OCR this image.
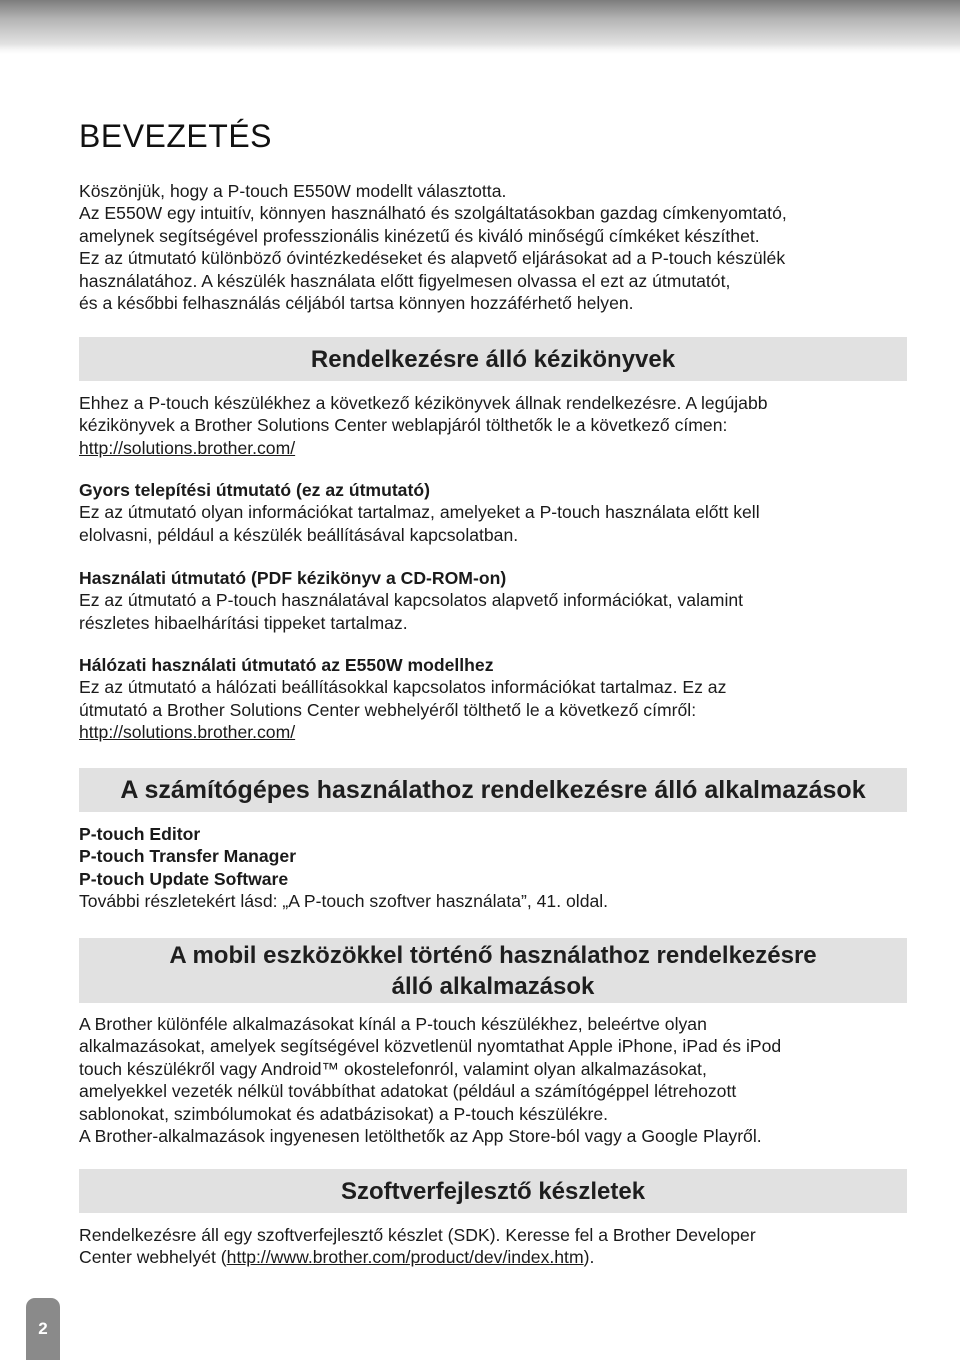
BEVEZETÉS
Köszönjük, hogy a P-touch E550W modellt választotta.
Az E550W egy intuitív, könnyen használható és szolgáltatásokban gazdag címkenyomtató,
amelynek segítségével professzionális kinézetű és kiváló minőségű címkéket készíthet.
Ez az útmutató különböző óvintézkedéseket és alapvető eljárásokat ad a P-touch készülék
használatához. A készülék használata előtt figyelmesen olvassa el ezt az útmutatót,
és a későbbi felhasználás céljából tartsa könnyen hozzáférhető helyen.
Rendelkezésre álló kézikönyvek
Ehhez a P-touch készülékhez a következő kézikönyvek állnak rendelkezésre. A legújabb
kézikönyvek a Brother Solutions Center weblapjáról tölthetők le a következő címen:
http://solutions.brother.com/
Gyors telepítési útmutató (ez az útmutató)
Ez az útmutató olyan információkat tartalmaz, amelyeket a P-touch használata előtt kell
elolvasni, például a készülék beállításával kapcsolatban.
Használati útmutató (PDF kézikönyv a CD-ROM-on)
Ez az útmutató a P-touch használatával kapcsolatos alapvető információkat, valamint
részletes hibaelhárítási tippeket tartalmaz.
Hálózati használati útmutató az E550W modellhez
Ez az útmutató a hálózati beállításokkal kapcsolatos információkat tartalmaz. Ez az
útmutató a Brother Solutions Center webhelyéről tölthető le a következő címről:
http://solutions.brother.com/
A számítógépes használathoz rendelkezésre álló alkalmazások
P-touch Editor
P-touch Transfer Manager
P-touch Update Software
További részletekért lásd: „A P-touch szoftver használata”, 41. oldal.
A mobil eszközökkel történő használathoz rendelkezésre
álló alkalmazások
A Brother különféle alkalmazásokat kínál a P-touch készülékhez, beleértve olyan
alkalmazásokat, amelyek segítségével közvetlenül nyomtathat Apple iPhone, iPad és iPod
touch készülékről vagy Android™ okostelefonról, valamint olyan alkalmazásokat,
amelyekkel vezeték nélkül továbbíthat adatokat (például a számítógéppel létrehozott
sablonokat, szimbólumokat és adatbázisokat) a P-touch készülékre.
A Brother-alkalmazások ingyenesen letölthetők az App Store-ból vagy a Google Playről.
Szoftverfejlesztő készletek
Rendelkezésre áll egy szoftverfejlesztő készlet (SDK). Keresse fel a Brother Developer
Center webhelyét (http://www.brother.com/product/dev/index.htm).
2
